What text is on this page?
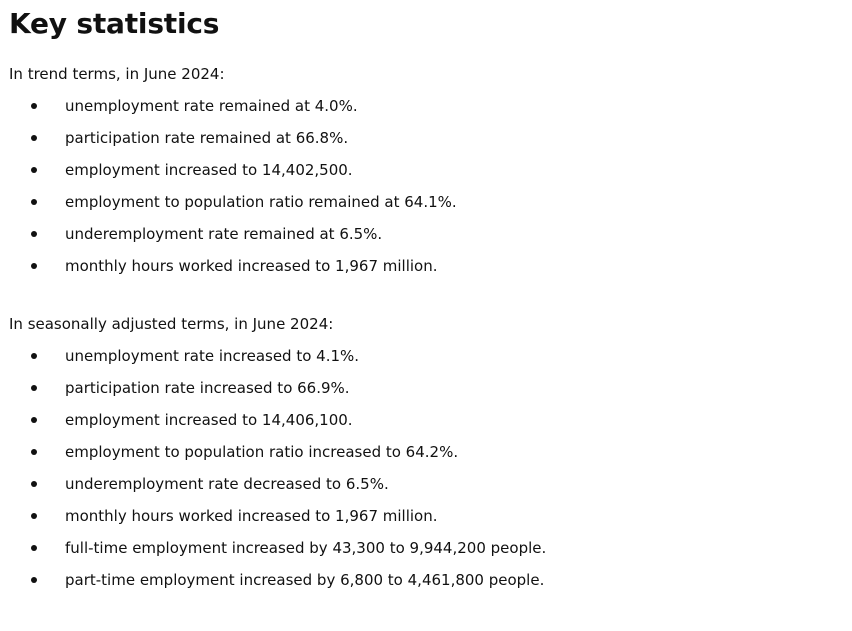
Key statistics

In trend terms, in June 2024:

unemployment rate remained at 4.0%.
participation rate remained at 66.8%.
employment increased to 14,402,500.
employment to population ratio remained at 64.1%.
underemployment rate remained at 6.5%.
monthly hours worked increased to 1,967 million.

In seasonally adjusted terms, in June 2024:

unemployment rate increased to 4.1%.
participation rate increased to 66.9%.
employment increased to 14,406,100.
employment to population ratio increased to 64.2%.
underemployment rate decreased to 6.5%.
monthly hours worked increased to 1,967 million.
full-time employment increased by 43,300 to 9,944,200 people.
part-time employment increased by 6,800 to 4,461,800 people.
